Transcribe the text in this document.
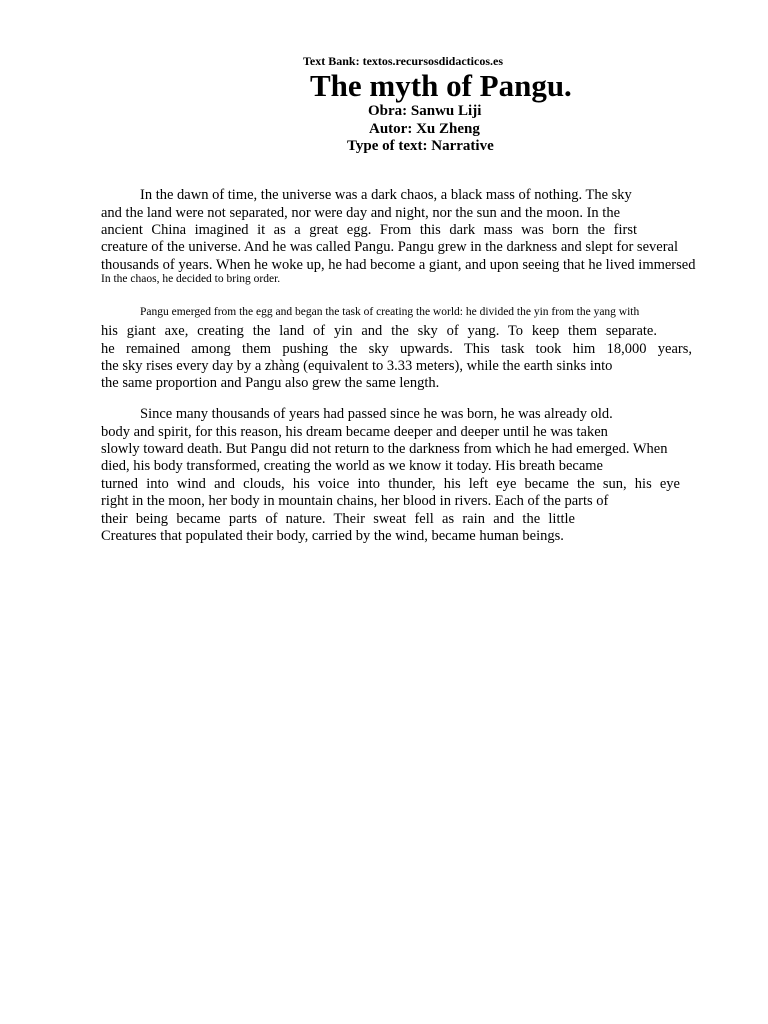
Text Bank: textos.recursosdidacticos.es
The myth of Pangu.
Obra: Sanwu Liji
Autor: Xu Zheng
Type of text: Narrative
In the dawn of time, the universe was a dark chaos, a black mass of nothing. The sky
and the land were not separated, nor were day and night, nor the sun and the moon. In the
ancient China imagined it as a great egg. From this dark mass was born the first
creature of the universe. And he was called Pangu. Pangu grew in the darkness and slept for several
thousands of years. When he woke up, he had become a giant, and upon seeing that he lived immersed
In the chaos, he decided to bring order.
Pangu emerged from the egg and began the task of creating the world: he divided the yin from the yang with
his giant axe, creating the land of yin and the sky of yang. To keep them separate.
he remained among them pushing the sky upwards. This task took him 18,000 years,
the sky rises every day by a zhàng (equivalent to 3.33 meters), while the earth sinks into
the same proportion and Pangu also grew the same length.
Since many thousands of years had passed since he was born, he was already old.
body and spirit, for this reason, his dream became deeper and deeper until he was taken
slowly toward death. But Pangu did not return to the darkness from which he had emerged. When
died, his body transformed, creating the world as we know it today. His breath became
turned into wind and clouds, his voice into thunder, his left eye became the sun, his eye
right in the moon, her body in mountain chains, her blood in rivers. Each of the parts of
their being became parts of nature. Their sweat fell as rain and the little
Creatures that populated their body, carried by the wind, became human beings.
